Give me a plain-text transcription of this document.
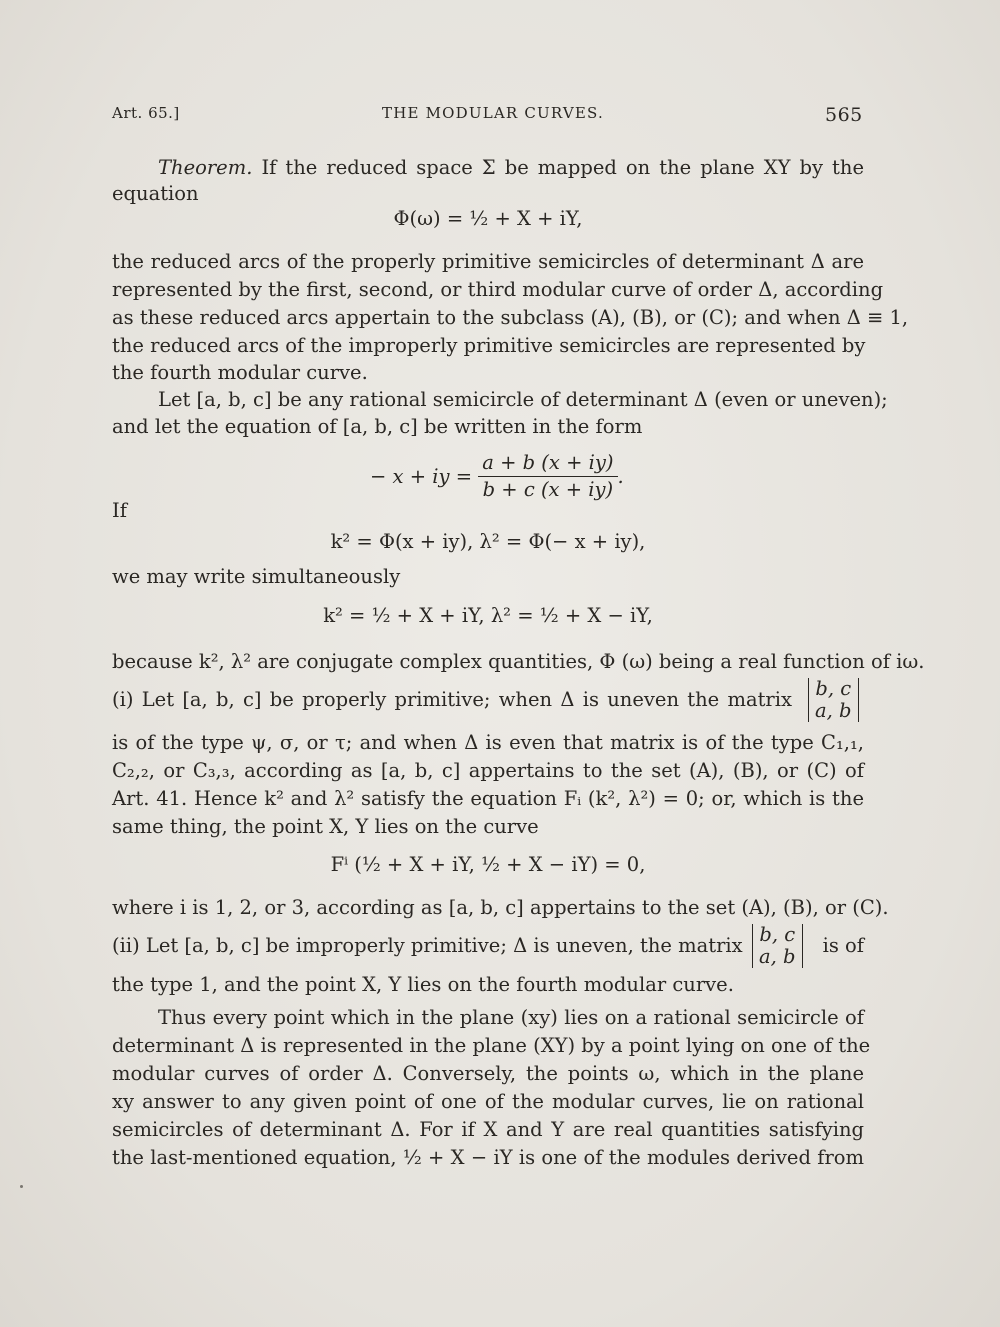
Art. 65.]	THE MODULAR CURVES.	565
Theorem. If the reduced space Σ be mapped on the plane XY by the
equation
Φ(ω) = ½ + X + iY,
the reduced arcs of the properly primitive semicircles of determinant Δ are
represented by the first, second, or third modular curve of order Δ, according
as these reduced arcs appertain to the subclass (A), (B), or (C); and when Δ ≡ 1,
the reduced arcs of the improperly primitive semicircles are represented by
the fourth modular curve.
Let [a, b, c] be any rational semicircle of determinant Δ (even or uneven);
and let the equation of [a, b, c] be written in the form
− x + iy = $\frac{a + b (x + iy)}{b + c (x + iy)}$ .
If
k² = Φ(x + iy), λ² = Φ(− x + iy),
we may write simultaneously
k² = ½ + X + iY, λ² = ½ + X − iY,
because k², λ² are conjugate complex quantities, Φ (ω) being a real function of iω.
(i) Let [a, b, c] be properly primitive; when Δ is uneven the matrix b, c
a, b
is of the type ψ, σ, or τ; and when Δ is even that matrix is of the type C₁,₁,
C₂,₂, or C₃,₃, according as [a, b, c] appertains to the set (A), (B), or (C) of
Art. 41. Hence k² and λ² satisfy the equation Fᵢ (k², λ²) = 0; or, which is the
same thing, the point X, Y lies on the curve
Fⁱ (½ + X + iY, ½ + X − iY) = 0,
where i is 1, 2, or 3, according as [a, b, c] appertains to the set (A), (B), or (C).
(ii) Let [a, b, c] be improperly primitive; Δ is uneven, the matrix b, c
a, b is of
the type 1, and the point X, Y lies on the fourth modular curve.
Thus every point which in the plane (xy) lies on a rational semicircle of
determinant Δ is represented in the plane (XY) by a point lying on one of the
modular curves of order Δ. Conversely, the points ω, which in the plane
xy answer to any given point of one of the modular curves, lie on rational
semicircles of determinant Δ. For if X and Y are real quantities satisfying
the last-mentioned equation, ½ + X − iY is one of the modules derived from
